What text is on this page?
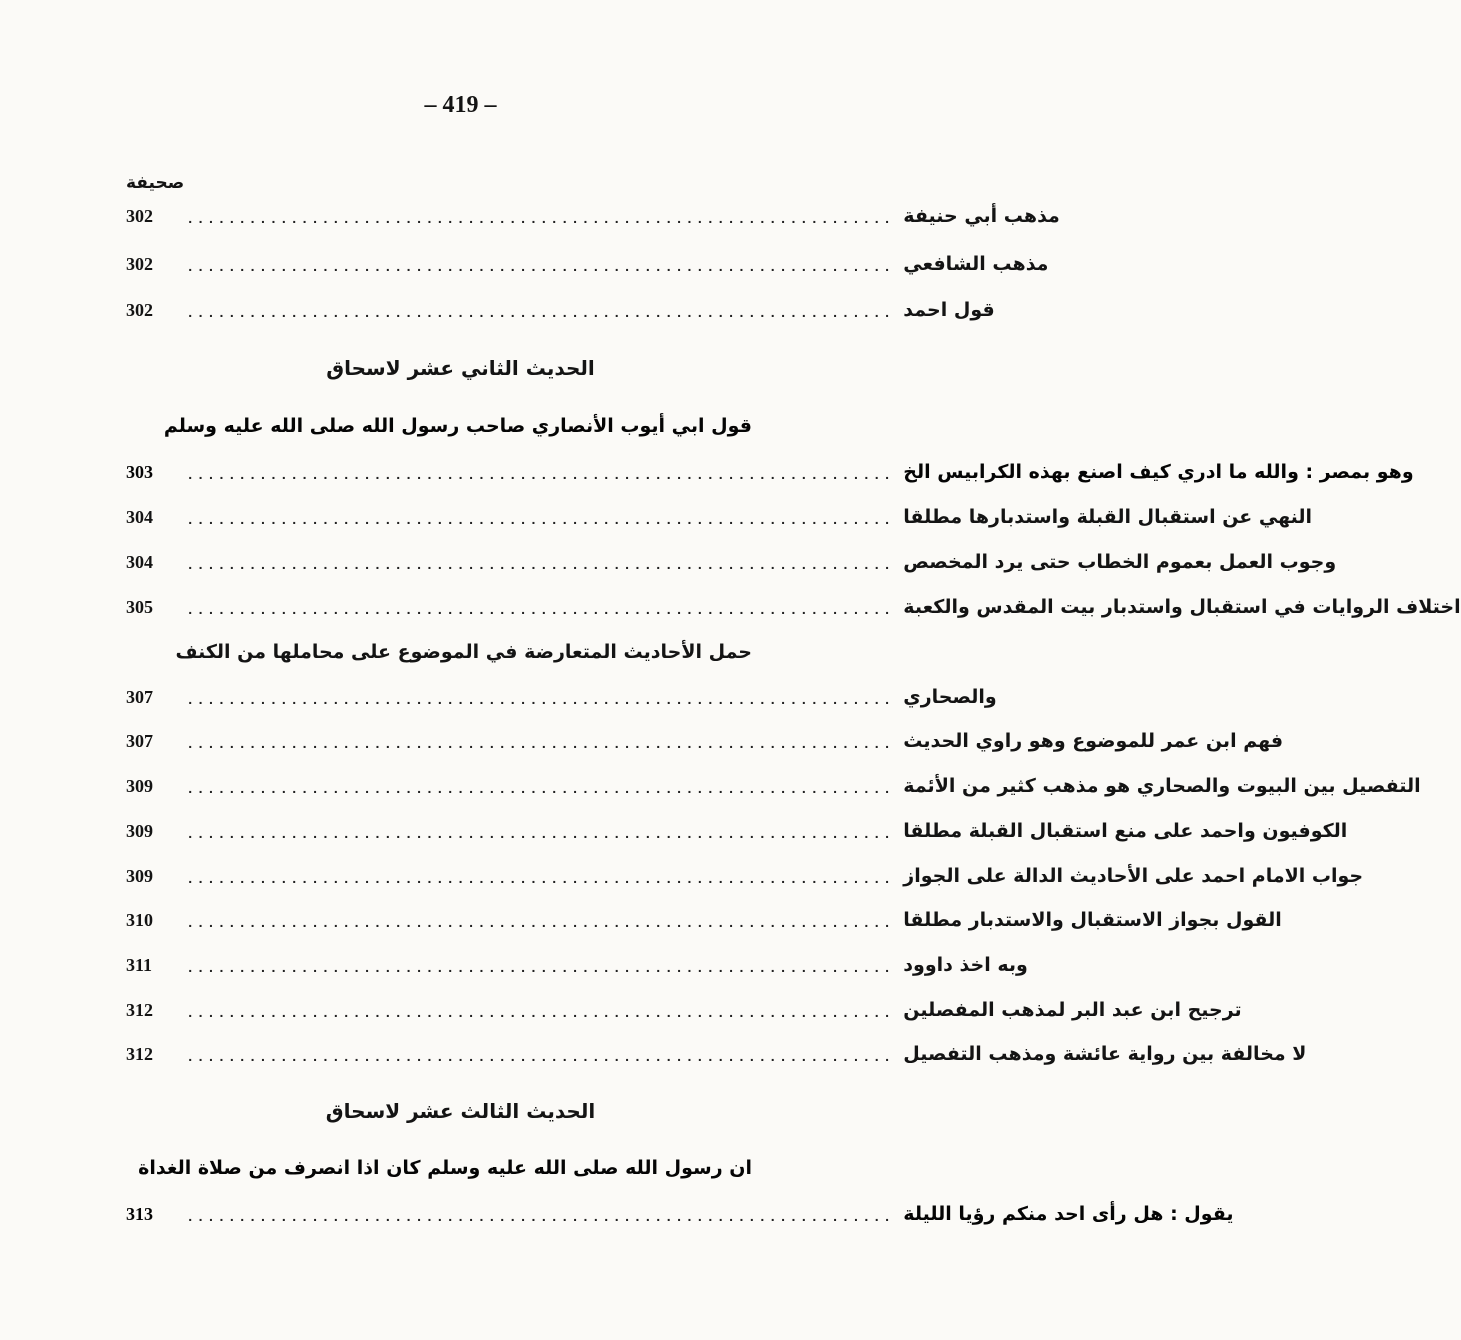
– 419 –
صحيفة
302	.................................................................... مذهب أبي حنيفة
302	.................................................................... مذهب الشافعي
302	.................................................................... قول احمد
الحديث الثاني عشر لاسحاق
قول ابي أيوب الأنصاري صاحب رسول الله صلى الله عليه وسلم
303	.................................................................... وهو بمصر : والله ما ادري كيف اصنع بهذه الكرابيس الخ
304	.................................................................... النهي عن استقبال القبلة واستدبارها مطلقا
304	.................................................................... وجوب العمل بعموم الخطاب حتى يرد المخصص
305	.................................................................... اختلاف الروايات في استقبال واستدبار بيت المقدس والكعبة
حمل الأحاديث المتعارضة في الموضوع على محاملها من الكنف
307	.................................................................... والصحاري
307	.................................................................... فهم ابن عمر للموضوع وهو راوي الحديث
309	.................................................................... التفصيل بين البيوت والصحاري هو مذهب كثير من الأئمة
309	.................................................................... الكوفيون واحمد على منع استقبال القبلة مطلقا
309	.................................................................... جواب الامام احمد على الأحاديث الدالة على الجواز
310	.................................................................... القول بجواز الاستقبال والاستدبار مطلقا
311	.................................................................... وبه اخذ داوود
312	.................................................................... ترجيح ابن عبد البر لمذهب المفصلين
312	.................................................................... لا مخالفة بين رواية عائشة ومذهب التفصيل
الحديث الثالث عشر لاسحاق
ان رسول الله صلى الله عليه وسلم كان اذا انصرف من صلاة الغداة
313	.................................................................... يقول : هل رأى احد منكم رؤيا الليلة
